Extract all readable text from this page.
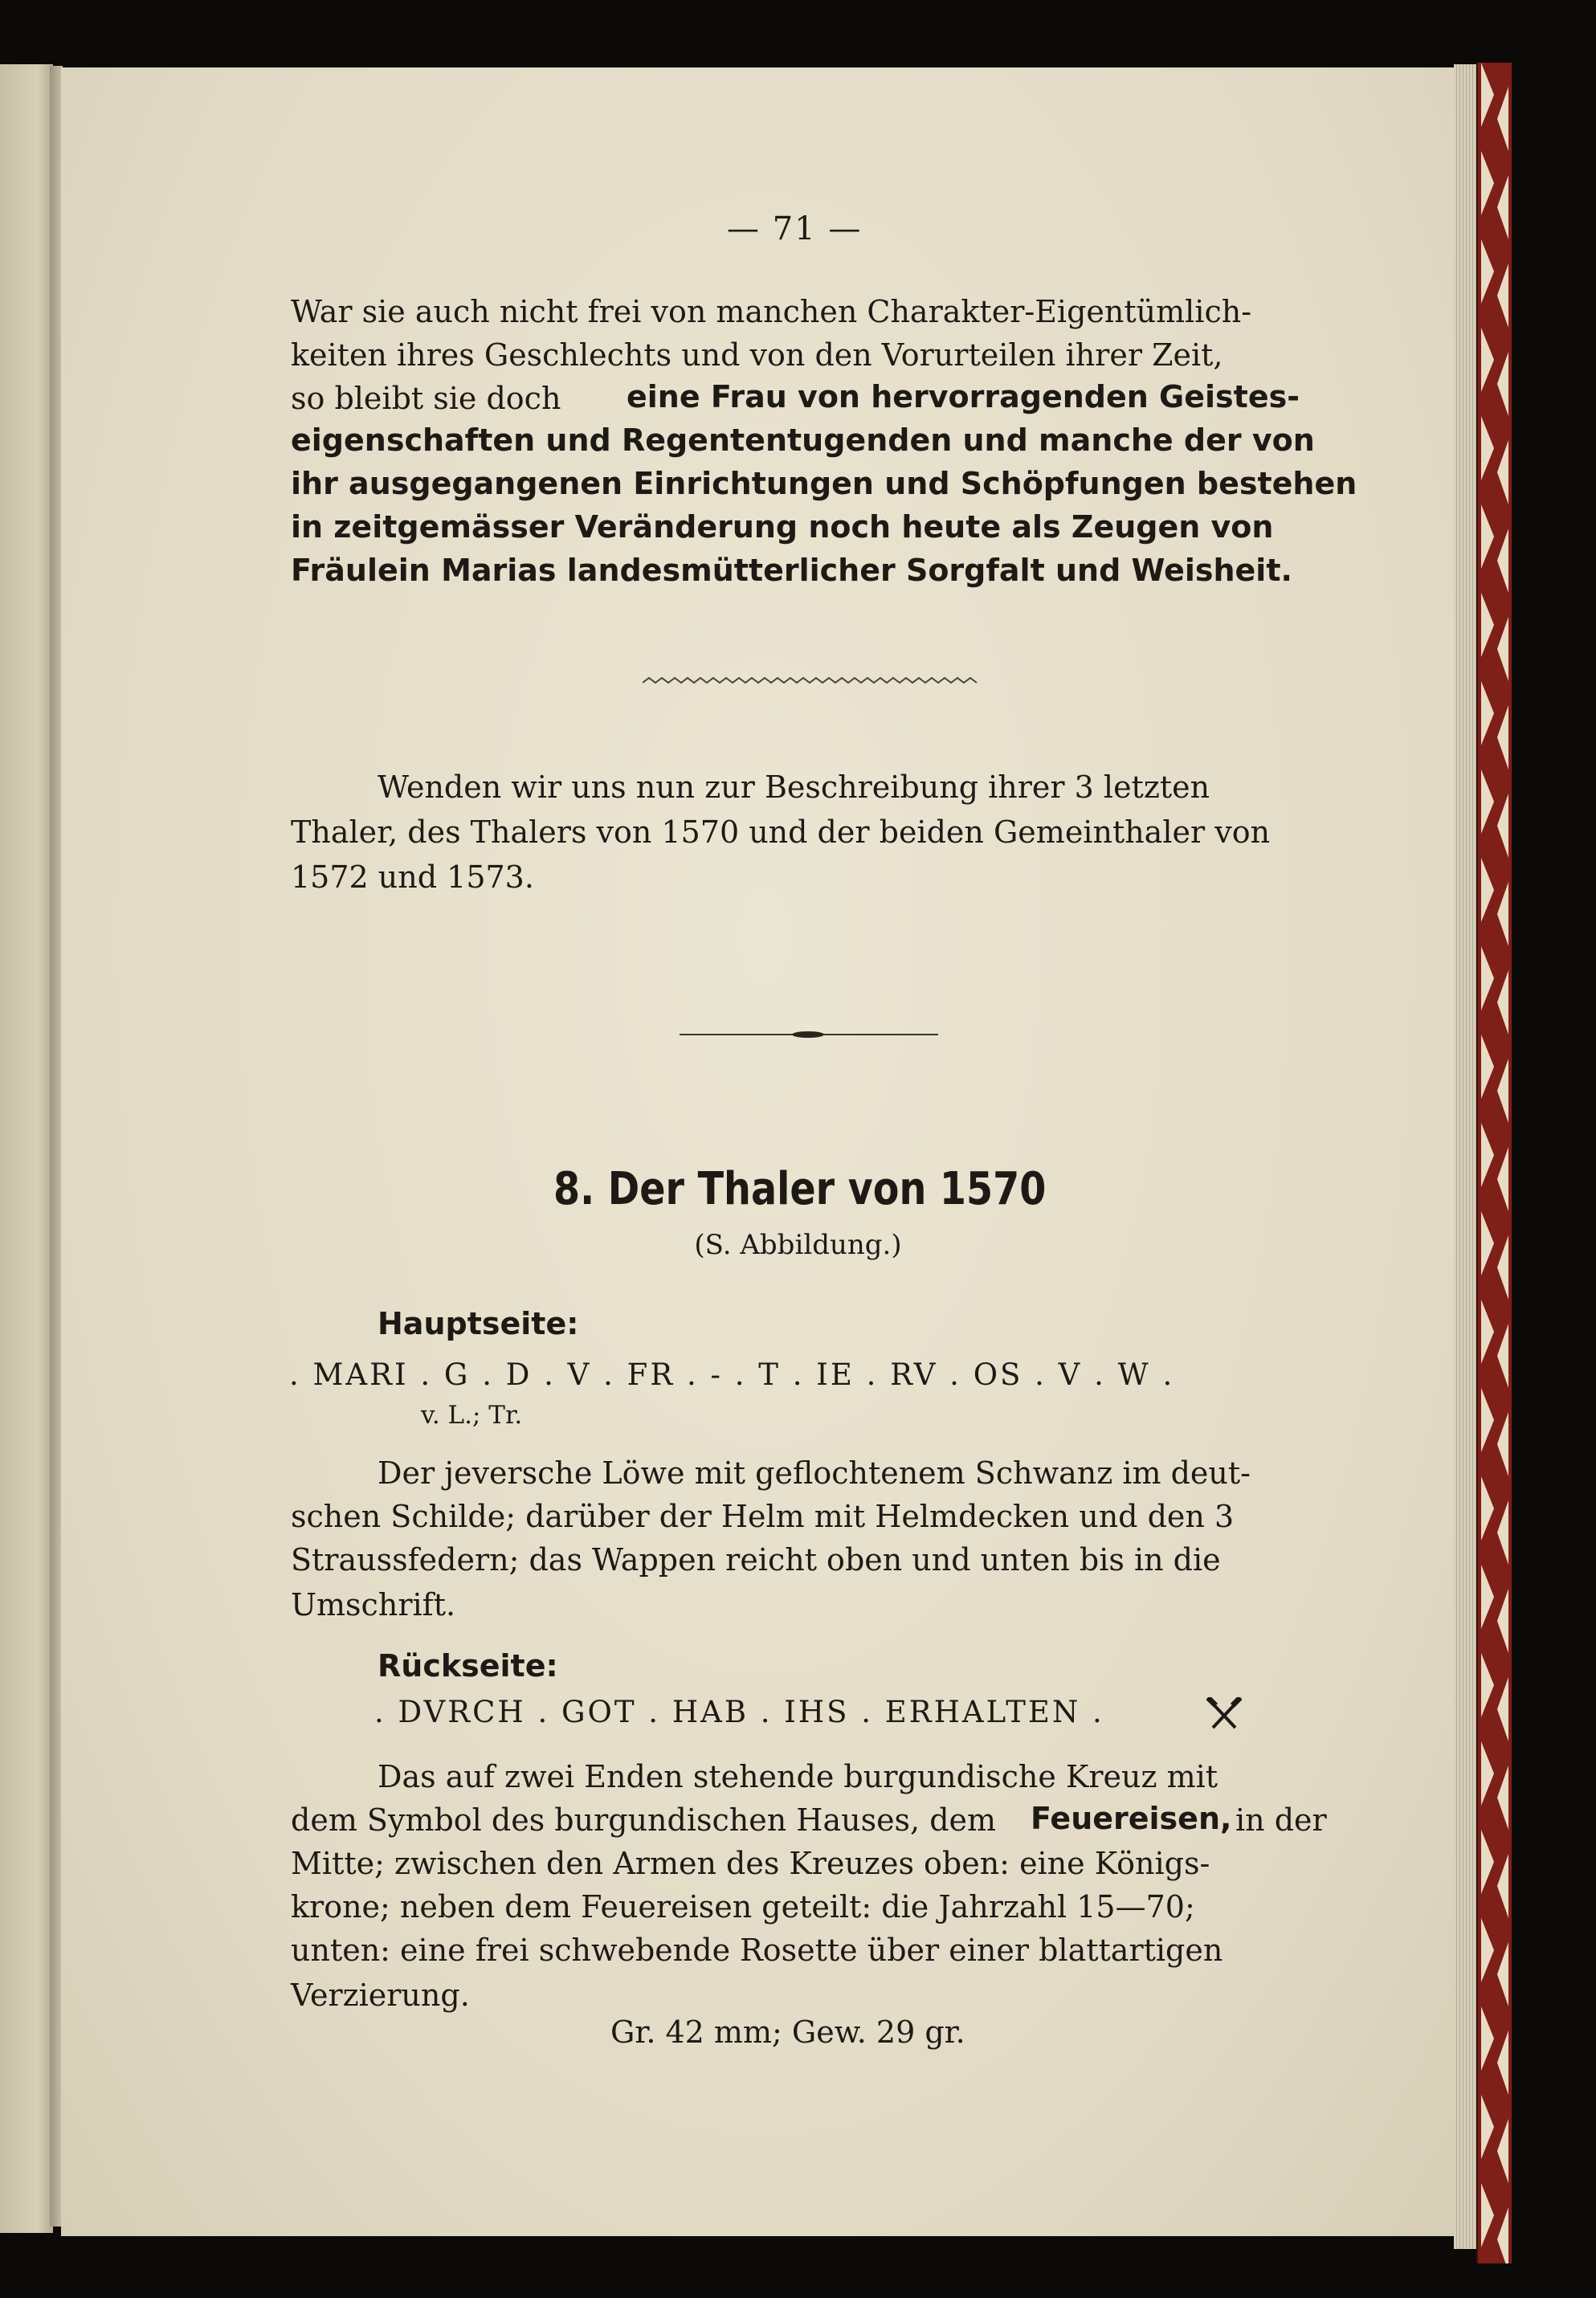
— 71 —
War sie auch nicht frei von manchen Charakter-Eigentümlich-
keiten ihres Geschlechts und von den Vorurteilen ihrer Zeit,
so bleibt sie doch eine Frau von hervorragenden Geistes-
eigenschaften und Regententugenden und manche der von
ihr ausgegangenen Einrichtungen und Schöpfungen bestehen
in zeitgemässer Veränderung noch heute als Zeugen von
Fräulein Marias landesmütterlicher Sorgfalt und Weisheit.
Wenden wir uns nun zur Beschreibung ihrer 3 letzten
Thaler, des Thalers von 1570 und der beiden Gemeinthaler von
1572 und 1573.
8. Der Thaler von 1570
(S. Abbildung.)
Hauptseite:
. MARI . G . D . V . FR . - . T . IE . RV . OS . V . W .
v. L.; Tr.
Der jeversche Löwe mit geflochtenem Schwanz im deut-
schen Schilde; darüber der Helm mit Helmdecken und den 3
Straussfedern; das Wappen reicht oben und unten bis in die
Umschrift.
Rückseite:
. DVRCH . GOT . HAB . IHS . ERHALTEN .
Das auf zwei Enden stehende burgundische Kreuz mit
dem Symbol des burgundischen Hauses, dem Feuereisen, in der
Mitte; zwischen den Armen des Kreuzes oben: eine Königs-
krone; neben dem Feuereisen geteilt: die Jahrzahl 15—70;
unten: eine frei schwebende Rosette über einer blattartigen
Verzierung.
Gr. 42 mm; Gew. 29 gr.
